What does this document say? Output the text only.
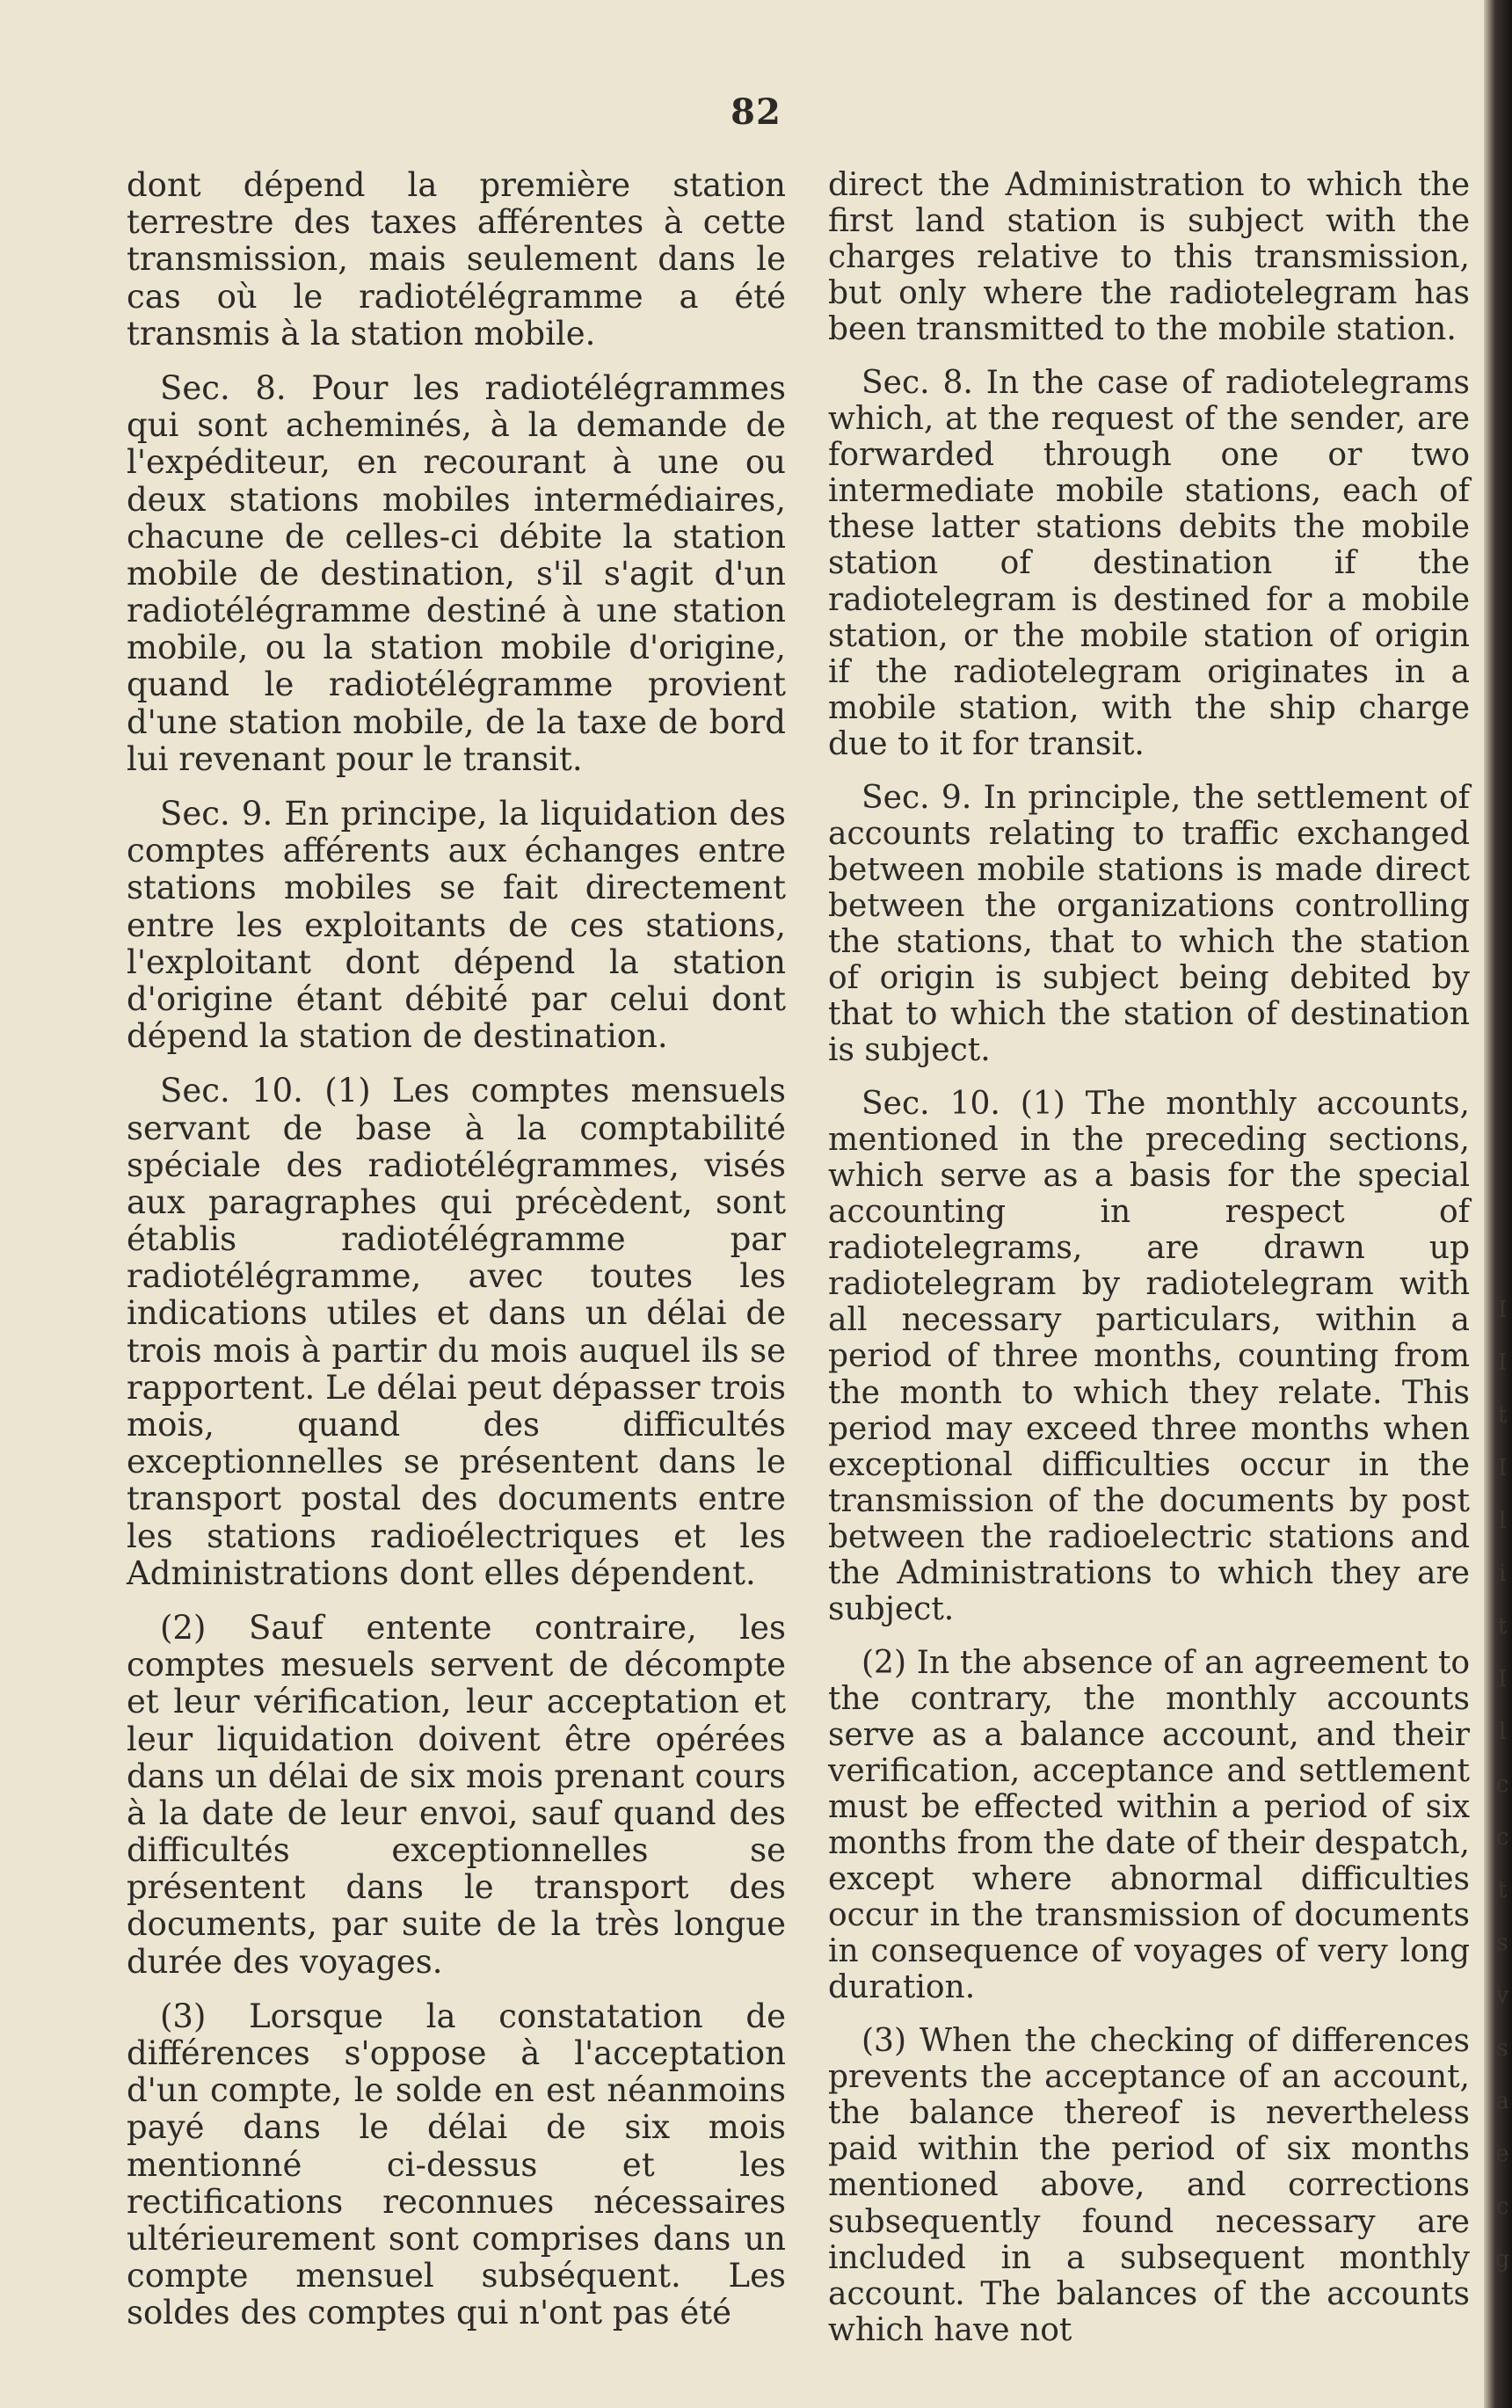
82

dont dépend la première station terrestre des taxes afférentes à cette transmission, mais seulement dans le cas où le radiotélégramme a été transmis à la station mobile.

Sec. 8. Pour les radiotélégrammes qui sont acheminés, à la demande de l'expéditeur, en recourant à une ou deux stations mobiles intermédiaires, chacune de celles-ci débite la station mobile de destination, s'il s'agit d'un radiotélégramme destiné à une station mobile, ou la station mobile d'origine, quand le radiotélégramme provient d'une station mobile, de la taxe de bord lui revenant pour le transit.

Sec. 9. En principe, la liquidation des comptes afférents aux échanges entre stations mobiles se fait directement entre les exploitants de ces stations, l'exploitant dont dépend la station d'origine étant débité par celui dont dépend la station de destination.

Sec. 10. (1) Les comptes mensuels servant de base à la comptabilité spéciale des radiotélégrammes, visés aux paragraphes qui précèdent, sont établis radiotélégramme par radiotélégramme, avec toutes les indications utiles et dans un délai de trois mois à partir du mois auquel ils se rapportent. Le délai peut dépasser trois mois, quand des difficultés exceptionnelles se présentent dans le transport postal des documents entre les stations radioélectriques et les Administrations dont elles dépendent.

(2) Sauf entente contraire, les comptes mesuels servent de décompte et leur vérification, leur acceptation et leur liquidation doivent être opérées dans un délai de six mois prenant cours à la date de leur envoi, sauf quand des difficultés exceptionnelles se présentent dans le transport des documents, par suite de la très longue durée des voyages.

(3) Lorsque la constatation de différences s'oppose à l'acceptation d'un compte, le solde en est néanmoins payé dans le délai de six mois mentionné ci-dessus et les rectifications reconnues nécessaires ultérieurement sont comprises dans un compte mensuel subséquent. Les soldes des comptes qui n'ont pas été

direct the Administration to which the first land station is subject with the charges relative to this transmission, but only where the radiotelegram has been transmitted to the mobile station.

Sec. 8. In the case of radiotelegrams which, at the request of the sender, are forwarded through one or two intermediate mobile stations, each of these latter stations debits the mobile station of destination if the radiotelegram is destined for a mobile station, or the mobile station of origin if the radiotelegram originates in a mobile station, with the ship charge due to it for transit.

Sec. 9. In principle, the settlement of accounts relating to traffic exchanged between mobile stations is made direct between the organizations controlling the stations, that to which the station of origin is subject being debited by that to which the station of destination is subject.

Sec. 10. (1) The monthly accounts, mentioned in the preceding sections, which serve as a basis for the special accounting in respect of radiotelegrams, are drawn up radiotelegram by radiotelegram with all necessary particulars, within a period of three months, counting from the month to which they relate. This period may exceed three months when exceptional difficulties occur in the transmission of the documents by post between the radioelectric stations and the Administrations to which they are subject.

(2) In the absence of an agreement to the contrary, the monthly accounts serve as a balance account, and their verification, acceptance and settlement must be effected within a period of six months from the date of their despatch, except where abnormal difficulties occur in the transmission of documents in consequence of voyages of very long duration.

(3) When the checking of differences prevents the acceptance of an account, the balance thereof is nevertheless paid within the period of six months mentioned above, and corrections subsequently found necessary are included in a subsequent monthly account. The balances of the accounts which have not

I
I
t
I
l
i
t
I
l
c
c
t
s
v
s
a
e
c
g
